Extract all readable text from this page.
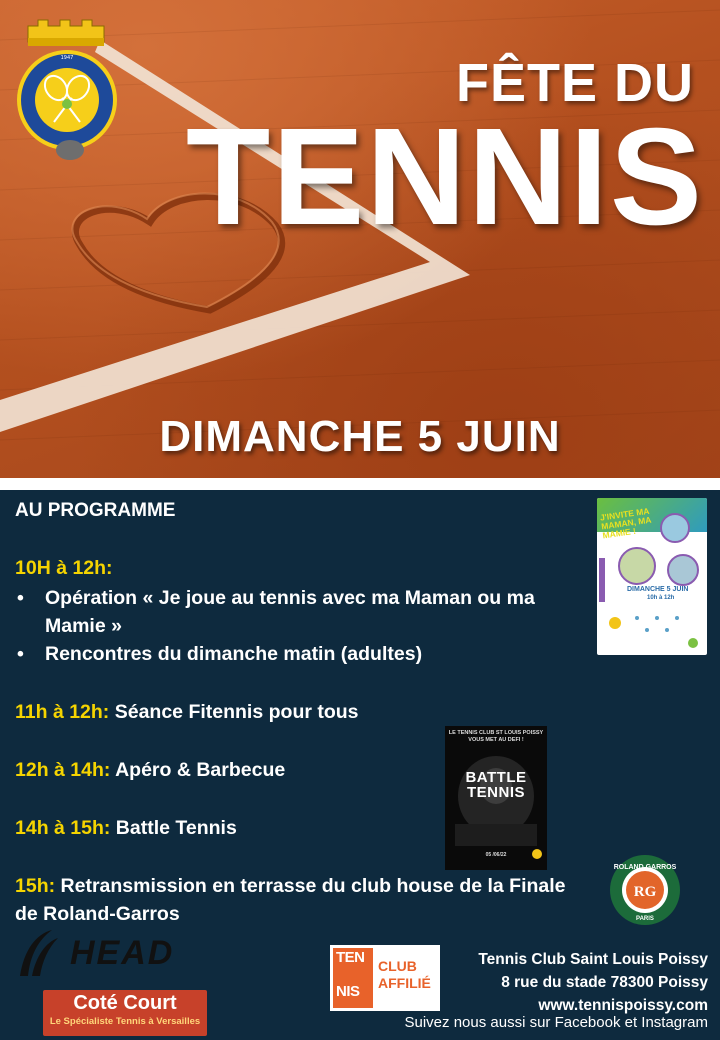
1947	FÊTE DU
TENNIS
DIMANCHE 5 JUIN
AU PROGRAMME
10H à 12h:
• Opération « Je joue au tennis avec ma Maman ou ma Mamie »
• Rencontres du dimanche matin (adultes)
11h à 12h: Séance Fitennis pour tous
12h à 14h: Apéro & Barbecue
14h à 15h: Battle Tennis
15h: Retransmission en terrasse du club house de la Finale de Roland-Garros
J'INVITE MA MAMAN, MA MAMIE !
DIMANCHE 5 JUIN
10h à 12h
LE TENNIS CLUB ST LOUIS POISSY VOUS MET AU DEFI !
BATTLE
TENNIS
05 /06/22
ROLAND GARROS
RG
PARIS
HEAD
Coté Court
Le Spécialiste Tennis à Versailles
TEN
NIS
CLUB
AFFILIÉ
Tennis Club Saint Louis Poissy
8 rue du stade 78300 Poissy
www.tennispoissy.com
Suivez nous aussi sur Facebook et Instagram
